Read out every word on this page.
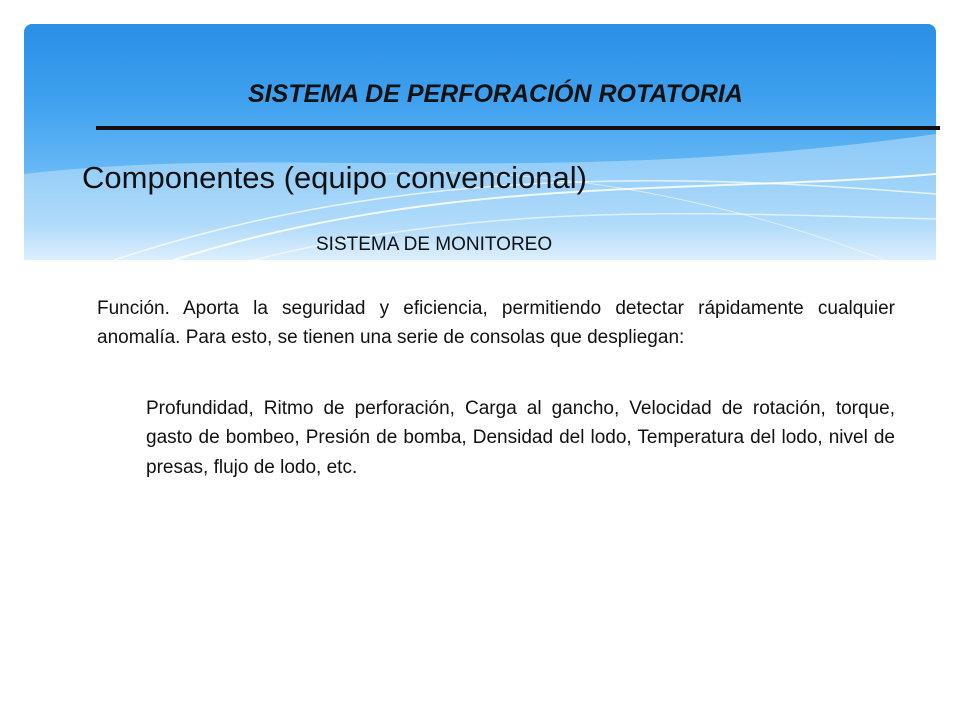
SISTEMA DE PERFORACIÓN ROTATORIA
Componentes (equipo convencional)
SISTEMA DE MONITOREO

Función. Aporta la seguridad y eficiencia, permitiendo detectar rápidamente cualquier anomalía. Para esto, se tienen una serie de consolas que despliegan:

Profundidad, Ritmo de perforación, Carga al gancho, Velocidad de rotación, torque, gasto de bombeo, Presión de bomba, Densidad del lodo, Temperatura del lodo, nivel de presas, flujo de lodo, etc.
